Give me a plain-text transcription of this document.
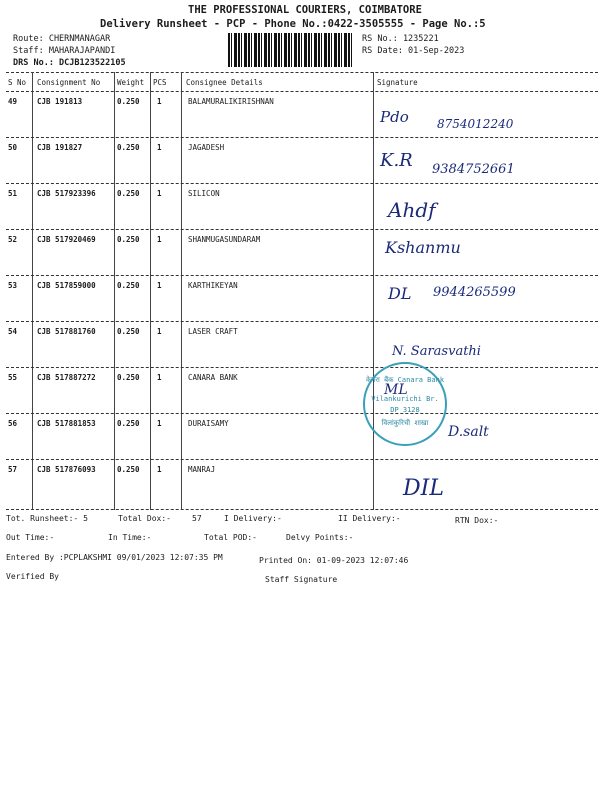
THE PROFESSIONAL COURIERS, COIMBATORE
Delivery Runsheet - PCP - Phone No.:0422-3505555 - Page No.:5
Route: CHERNMANAGAR
Staff: MAHARAJAPANDI
DRS No.: DCJB123522105
RS No.: 1235221
RS Date: 01-Sep-2023
S No Consignment No Weight PCS	Consignee Details	Signature
49	CJB 191813	0.250 1	BALAMURALIKIRISHNAN
Pdo 8754012240
50	CJB 191827	0.250 1	JAGADESH
K.R 9384752661
51	CJB 517923396	0.250 1	SILICON
Ahdf
52	CJB 517920469	0.250 1	SHANMUGASUNDARAM	Kshanmu
53	CJB 517859000	0.250 1	KARTHIKEYAN	DL 9944265599
54	CJB 517881760	0.250 1	LASER CRAFT
N. Sarasvathi
55	CJB 517887272	0.250 1	CANARA BANK
ML
56	CJB 517881853	0.250 1	DURAISAMY
D.salt
57	CJB 517876093	0.250 1	MANRAJ
DIL
केनरा बैंक Canara Bank
Vilankurichi Br.
DP 3128
विलांकुरिची शाखा
Tot. Runsheet:- 5	Total Dox:-	57	I Delivery:-	II Delivery:-	RTN Dox:-
Out Time:-	In Time:-	Total POD:-	Delvy Points:-
Entered By :PCPLAKSHMI 09/01/2023 12:07:35 PM	Printed On: 01-09-2023 12:07:46
Verified By	Staff Signature
